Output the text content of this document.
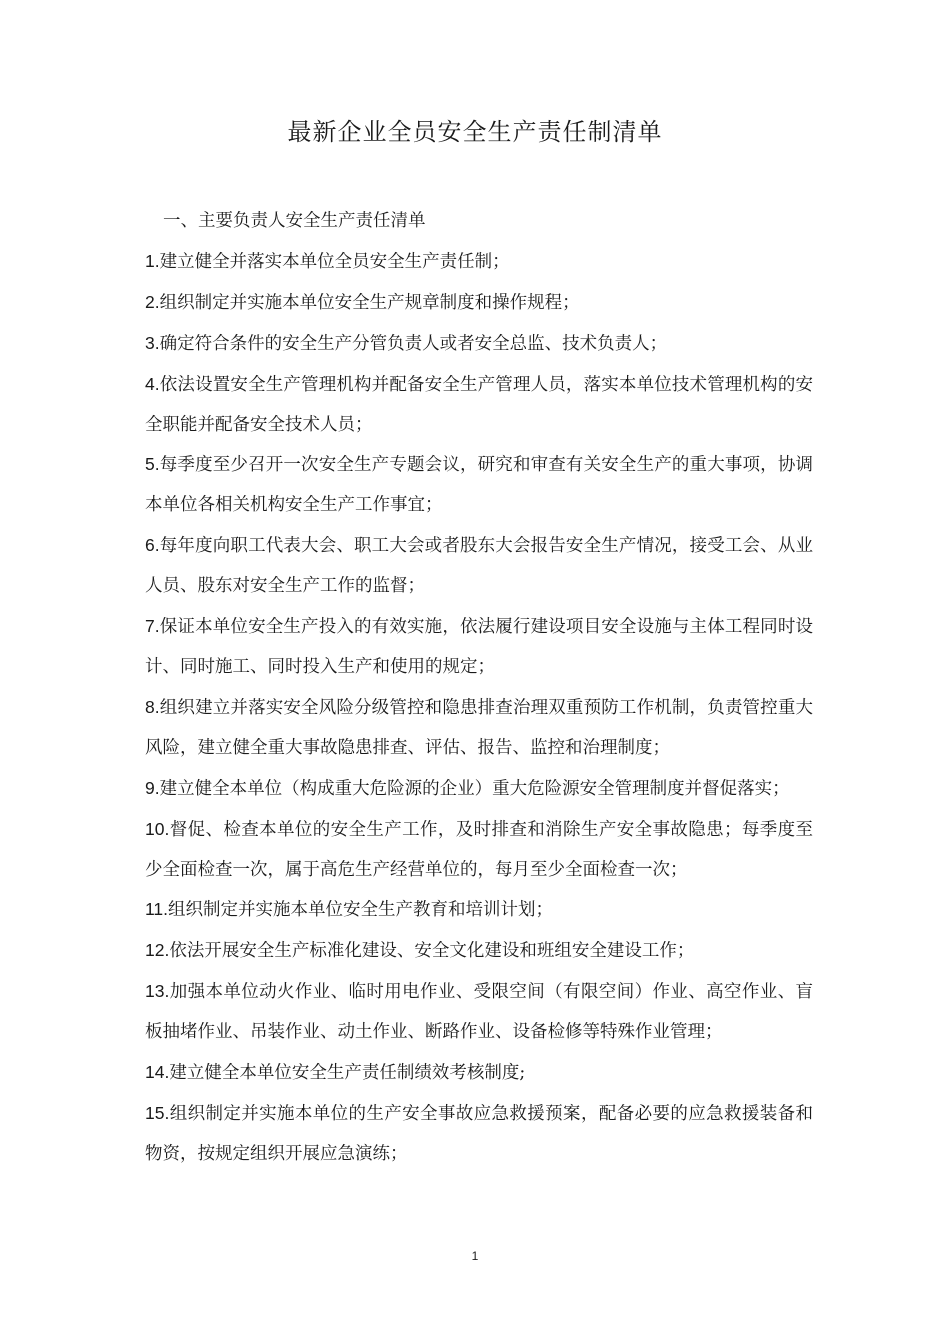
最新企业全员安全生产责任制清单
一、主要负责人安全生产责任清单
1.建立健全并落实本单位全员安全生产责任制；
2.组织制定并实施本单位安全生产规章制度和操作规程；
3.确定符合条件的安全生产分管负责人或者安全总监、技术负责人；
4.依法设置安全生产管理机构并配备安全生产管理人员，落实本单位技术管理机构的安全职能并配备安全技术人员；
5.每季度至少召开一次安全生产专题会议，研究和审查有关安全生产的重大事项，协调本单位各相关机构安全生产工作事宜；
6.每年度向职工代表大会、职工大会或者股东大会报告安全生产情况，接受工会、从业人员、股东对安全生产工作的监督；
7.保证本单位安全生产投入的有效实施，依法履行建设项目安全设施与主体工程同时设计、同时施工、同时投入生产和使用的规定；
8.组织建立并落实安全风险分级管控和隐患排查治理双重预防工作机制，负责管控重大风险，建立健全重大事故隐患排查、评估、报告、监控和治理制度；
9.建立健全本单位（构成重大危险源的企业）重大危险源安全管理制度并督促落实；
10.督促、检查本单位的安全生产工作，及时排查和消除生产安全事故隐患；每季度至少全面检查一次，属于高危生产经营单位的，每月至少全面检查一次；
11.组织制定并实施本单位安全生产教育和培训计划；
12.依法开展安全生产标准化建设、安全文化建设和班组安全建设工作；
13.加强本单位动火作业、临时用电作业、受限空间（有限空间）作业、高空作业、盲板抽堵作业、吊装作业、动土作业、断路作业、设备检修等特殊作业管理；
14.建立健全本单位安全生产责任制绩效考核制度;
15.组织制定并实施本单位的生产安全事故应急救援预案，配备必要的应急救援装备和物资，按规定组织开展应急演练；
1
